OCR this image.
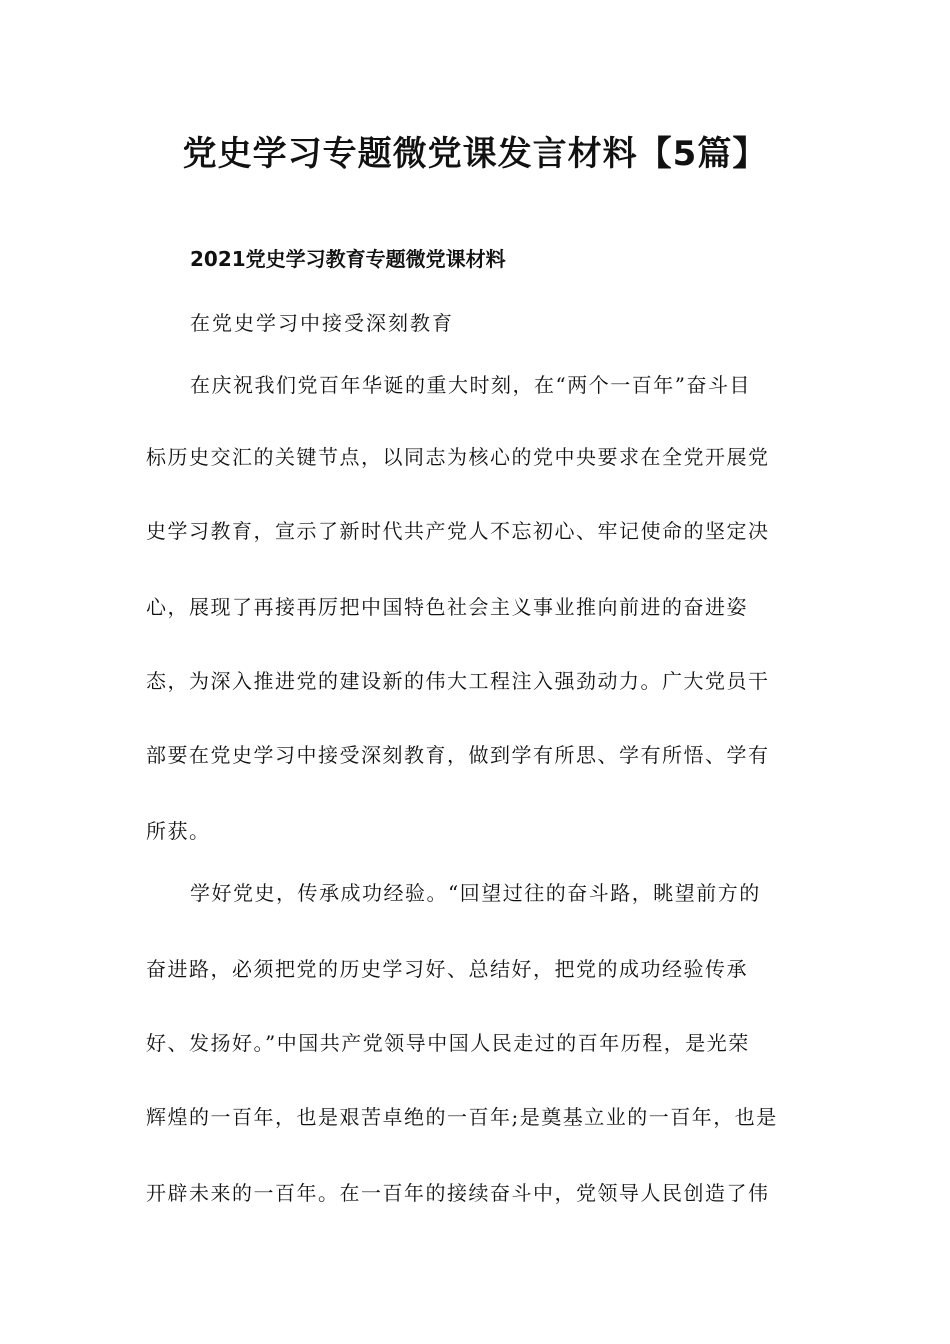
党史学习专题微党课发言材料【5篇】
2021党史学习教育专题微党课材料
在党史学习中接受深刻教育
在庆祝我们党百年华诞的重大时刻，在“两个一百年”奋斗目
标历史交汇的关键节点，以同志为核心的党中央要求在全党开展党
史学习教育，宣示了新时代共产党人不忘初心、牢记使命的坚定决
心，展现了再接再厉把中国特色社会主义事业推向前进的奋进姿
态，为深入推进党的建设新的伟大工程注入强劲动力。广大党员干
部要在党史学习中接受深刻教育，做到学有所思、学有所悟、学有
所获。
学好党史，传承成功经验。“回望过往的奋斗路，眺望前方的
奋进路，必须把党的历史学习好、总结好，把党的成功经验传承
好、发扬好。”中国共产党领导中国人民走过的百年历程，是光荣
辉煌的一百年，也是艰苦卓绝的一百年;是奠基立业的一百年，也是
开辟未来的一百年。在一百年的接续奋斗中，党领导人民创造了伟
